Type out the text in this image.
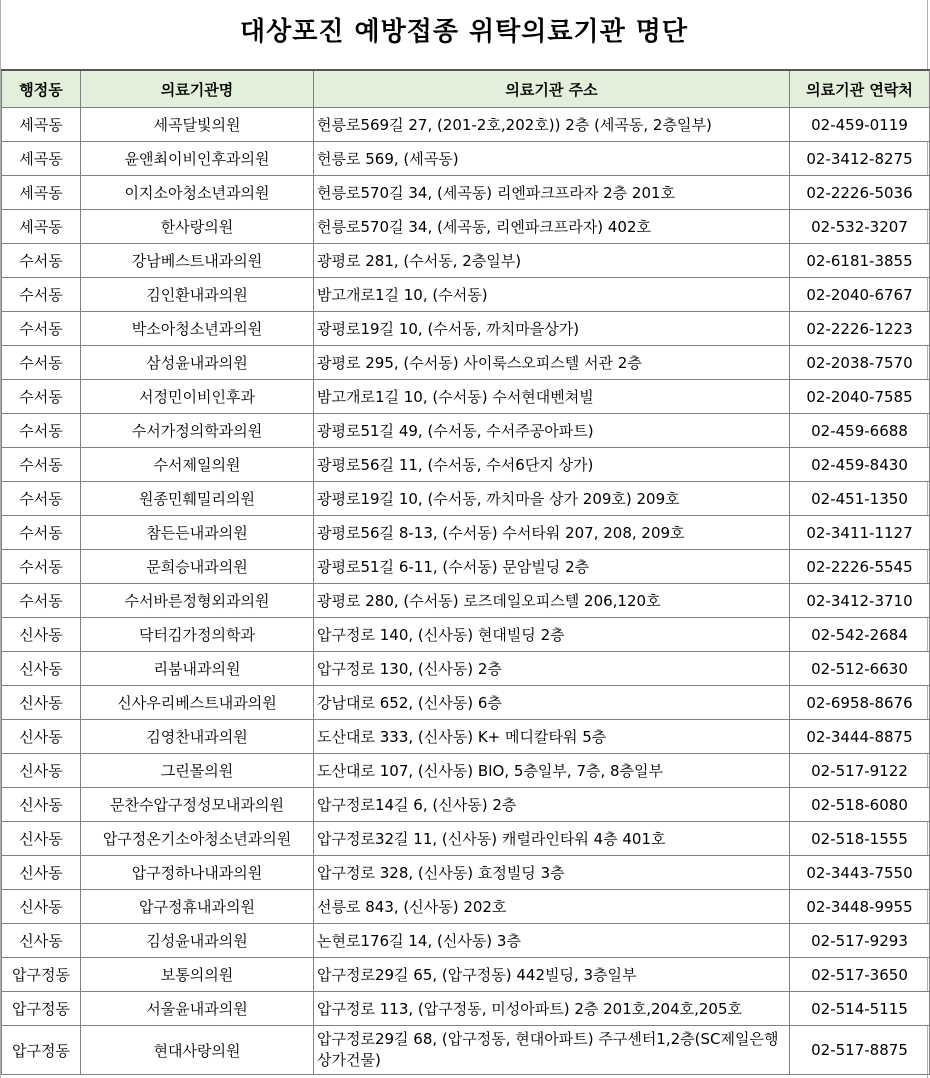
대상포진 예방접종 위탁의료기관 명단
행정동	의료기관명	의료기관 주소	의료기관 연락처
세곡동	세곡달빛의원	헌릉로569길 27, (201-2호,202호)) 2층 (세곡동, 2층일부)	02-459-0119
세곡동	윤앤최이비인후과의원	헌릉로 569, (세곡동)	02-3412-8275
세곡동	이지소아청소년과의원	헌릉로570길 34, (세곡동) 리엔파크프라자 2층 201호	02-2226-5036
세곡동	한사랑의원	헌릉로570길 34, (세곡동, 리엔파크프라자) 402호	02-532-3207
수서동	강남베스트내과의원	광평로 281, (수서동, 2층일부)	02-6181-3855
수서동	김인환내과의원	밤고개로1길 10, (수서동)	02-2040-6767
수서동	박소아청소년과의원	광평로19길 10, (수서동, 까치마을상가)	02-2226-1223
수서동	삼성윤내과의원	광평로 295, (수서동) 사이룩스오피스텔 서관 2층	02-2038-7570
수서동	서정민이비인후과	밤고개로1길 10, (수서동) 수서현대벤쳐빌	02-2040-7585
수서동	수서가정의학과의원	광평로51길 49, (수서동, 수서주공아파트)	02-459-6688
수서동	수서제일의원	광평로56길 11, (수서동, 수서6단지 상가)	02-459-8430
수서동	원종민훼밀리의원	광평로19길 10, (수서동, 까치마을 상가 209호) 209호	02-451-1350
수서동	참든든내과의원	광평로56길 8-13, (수서동) 수서타워 207, 208, 209호	02-3411-1127
수서동	문희승내과의원	광평로51길 6-11, (수서동) 문암빌딩 2층	02-2226-5545
수서동	수서바른정형외과의원	광평로 280, (수서동) 로즈데일오피스텔 206,120호	02-3412-3710
신사동	닥터김가정의학과	압구정로 140, (신사동) 현대빌딩 2층	02-542-2684
신사동	리붐내과의원	압구정로 130, (신사동) 2층	02-512-6630
신사동	신사우리베스트내과의원	강남대로 652, (신사동) 6층	02-6958-8676
신사동	김영찬내과의원	도산대로 333, (신사동) K+ 메디칼타워 5층	02-3444-8875
신사동	그린몰의원	도산대로 107, (신사동) BIO, 5층일부, 7층, 8층일부	02-517-9122
신사동	문찬수압구정성모내과의원	압구정로14길 6, (신사동) 2층	02-518-6080
신사동	압구정온기소아청소년과의원	압구정로32길 11, (신사동) 캐럴라인타워 4층 401호	02-518-1555
신사동	압구정하나내과의원	압구정로 328, (신사동) 효정빌딩 3층	02-3443-7550
신사동	압구정휴내과의원	선릉로 843, (신사동) 202호	02-3448-9955
신사동	김성윤내과의원	논현로176길 14, (신사동) 3층	02-517-9293
압구정동	보통의의원	압구정로29길 65, (압구정동) 442빌딩, 3층일부	02-517-3650
압구정동	서울윤내과의원	압구정로 113, (압구정동, 미성아파트) 2층 201호,204호,205호	02-514-5115
압구정동	현대사랑의원	압구정로29길 68, (압구정동, 현대아파트) 주구센터1,2층(SC제일은행 상가건물)	02-517-8875
